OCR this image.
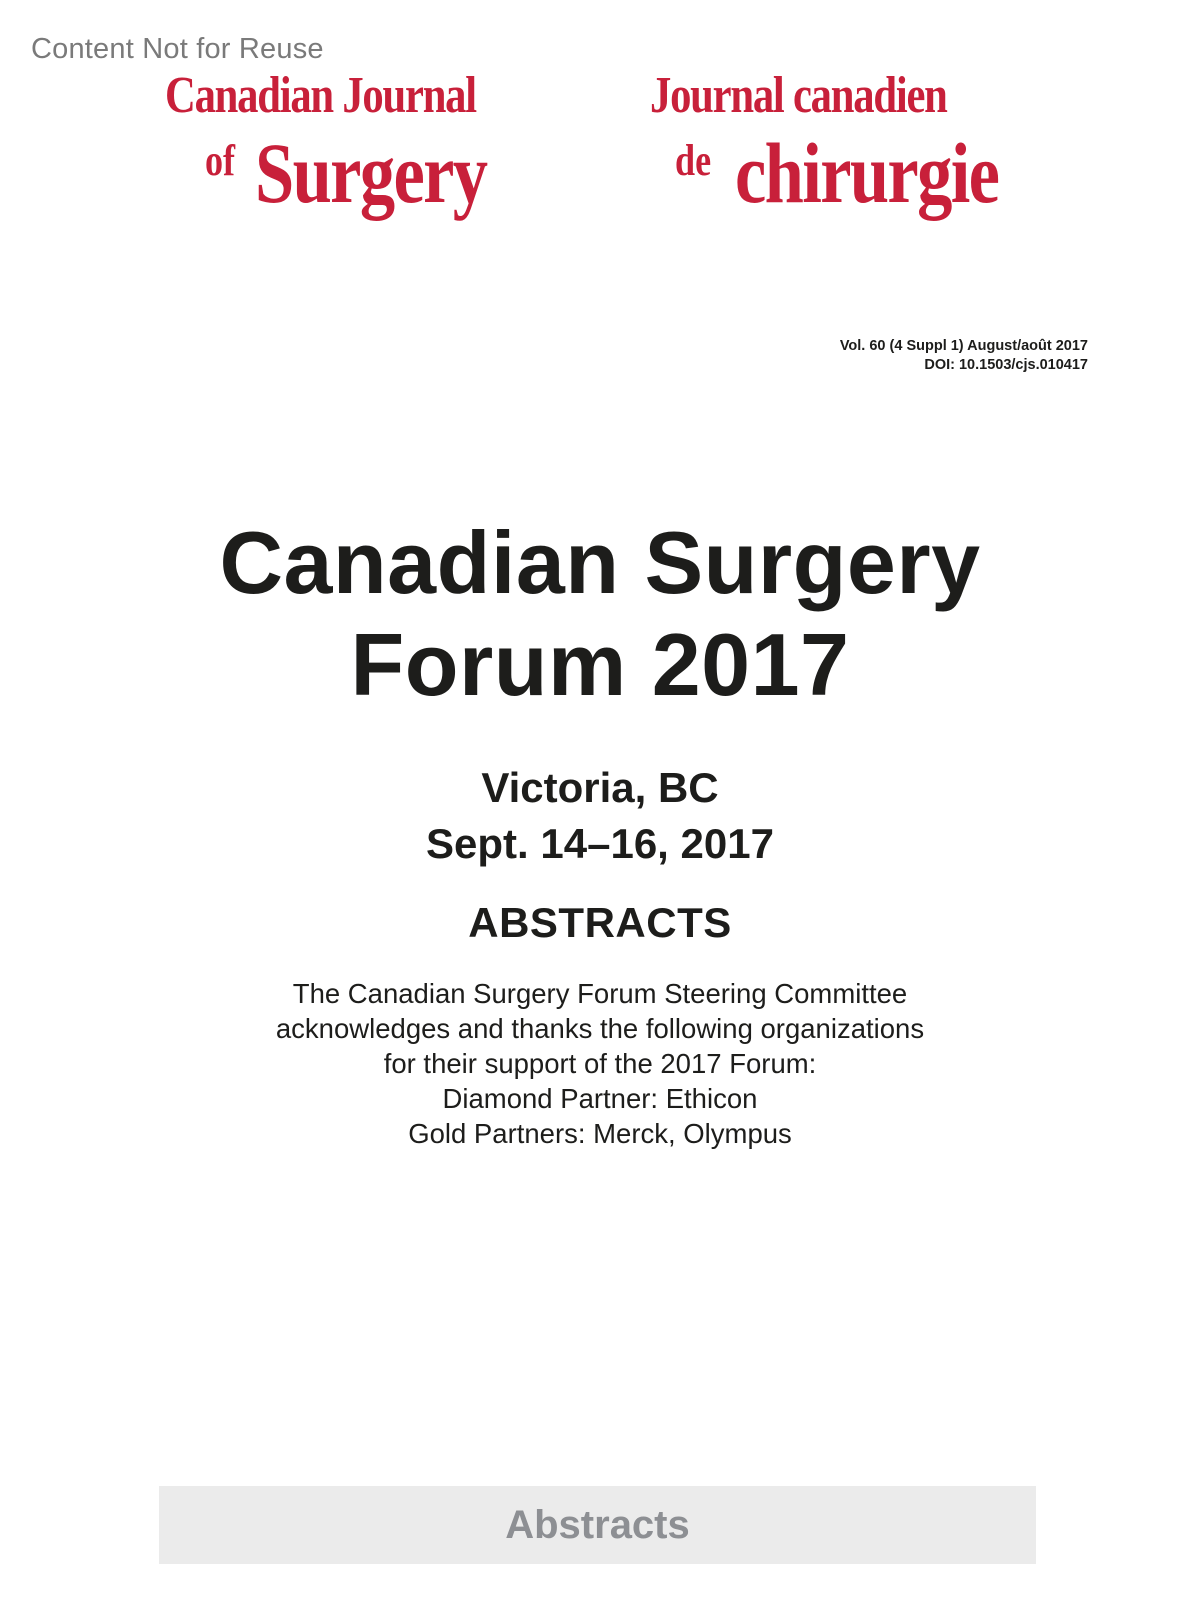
Content Not for Reuse
Canadian Journal
of Surgery
Journal canadien
de chirurgie
Vol. 60 (4 Suppl 1) August/août 2017
DOI: 10.1503/cjs.010417
Canadian Surgery
Forum 2017
Victoria, BC
Sept. 14–16, 2017
ABSTRACTS
The Canadian Surgery Forum Steering Committee
acknowledges and thanks the following organizations
for their support of the 2017 Forum:
Diamond Partner: Ethicon
Gold Partners: Merck, Olympus
Abstracts
